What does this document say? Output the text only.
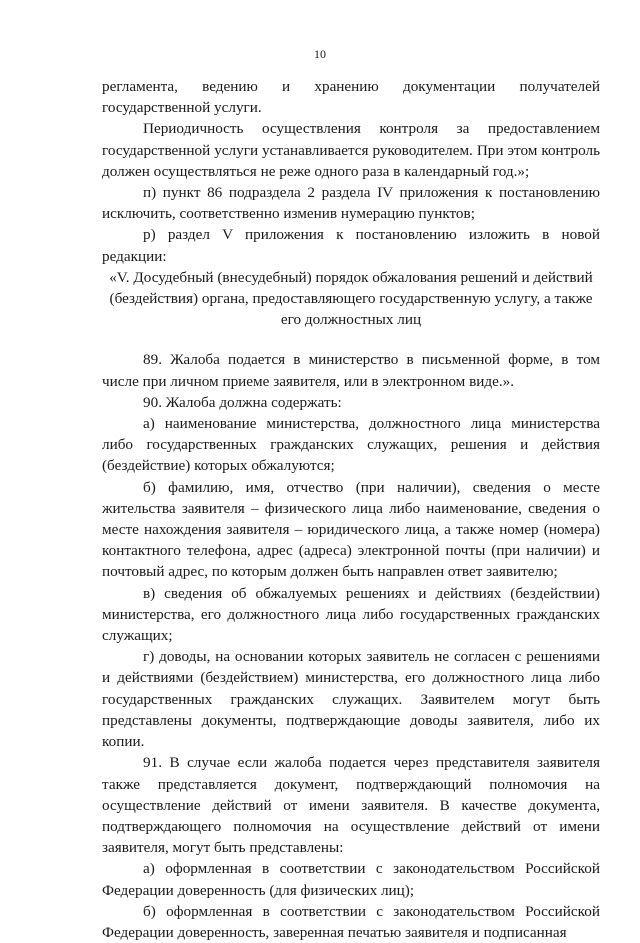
10

регламента, ведению и хранению документации получателей государственной услуги.

Периодичность осуществления контроля за предоставлением государственной услуги устанавливается руководителем. При этом контроль должен осуществляться не реже одного раза в календарный год.»;

п) пункт 86 подраздела 2 раздела IV приложения к постановлению исключить, соответственно изменив нумерацию пунктов;

р) раздел V приложения к постановлению изложить в новой редакции:

«V. Досудебный (внесудебный) порядок обжалования решений и действий (бездействия) органа, предоставляющего государственную услугу, а также его должностных лиц

89. Жалоба подается в министерство в письменной форме, в том числе при личном приеме заявителя, или в электронном виде.».

90. Жалоба должна содержать:

а) наименование министерства, должностного лица министерства либо государственных гражданских служащих, решения и действия (бездействие) которых обжалуются;

б) фамилию, имя, отчество (при наличии), сведения о месте жительства заявителя – физического лица либо наименование, сведения о месте нахождения заявителя – юридического лица, а также номер (номера) контактного телефона, адрес (адреса) электронной почты (при наличии) и почтовый адрес, по которым должен быть направлен ответ заявителю;

в) сведения об обжалуемых решениях и действиях (бездействии) министерства, его должностного лица либо государственных гражданских служащих;

г) доводы, на основании которых заявитель не согласен с решениями и действиями (бездействием) министерства, его должностного лица либо государственных гражданских служащих. Заявителем могут быть представлены документы, подтверждающие доводы заявителя, либо их копии.

91. В случае если жалоба подается через представителя заявителя также представляется документ, подтверждающий полномочия на осуществление действий от имени заявителя. В качестве документа, подтверждающего полномочия на осуществление действий от имени заявителя, могут быть представлены:

а) оформленная в соответствии с законодательством Российской Федерации доверенность (для физических лиц);

б) оформленная в соответствии с законодательством Российской Федерации доверенность, заверенная печатью заявителя и подписанная
